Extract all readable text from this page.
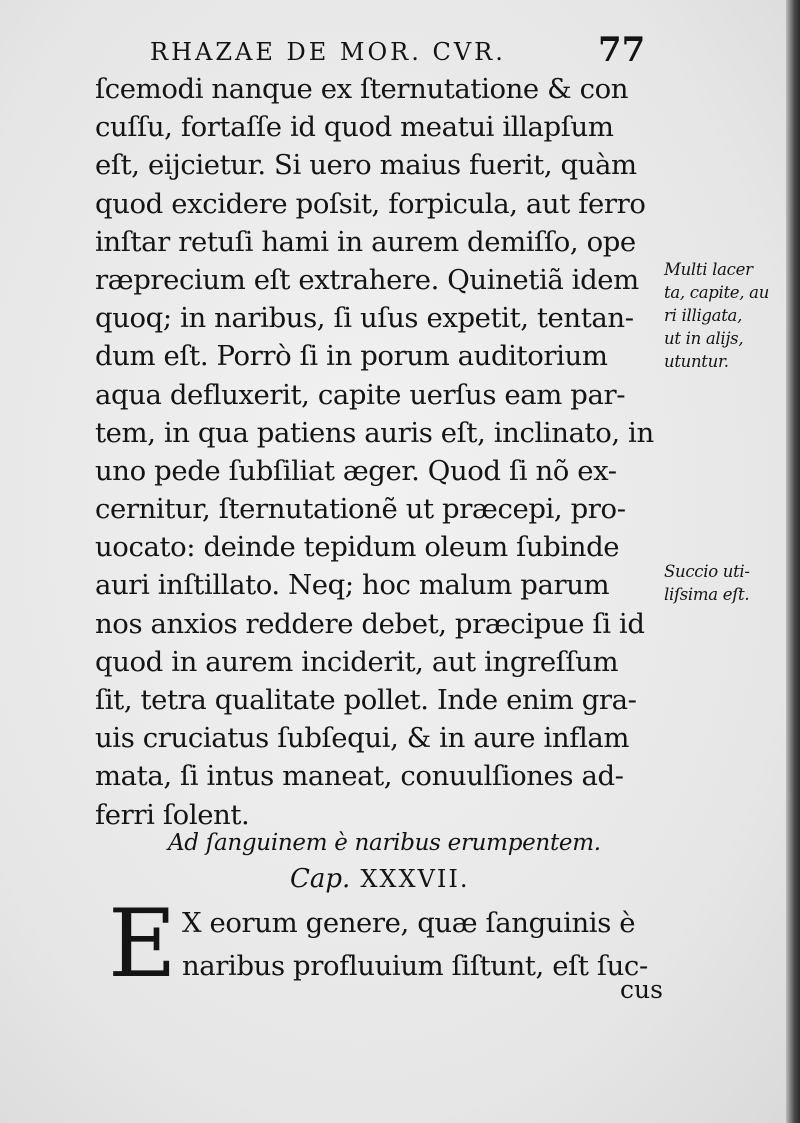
RHAZAE DE MOR. CVR.	77
ſcemodi nanque ex ſternutatione & con
cuſſu, fortaſſe id quod meatui illapſum
eſt, eijcietur. Si uero maius fuerit, quàm
quod excidere poſsit, forpicula, aut ferro
inſtar retuſi hami in aurem demiſſo, ope
ræprecium eſt extrahere. Quinetiã idem
quoq; in naribus, ſi uſus expetit, tentan-
dum eſt. Porrò ſi in porum auditorium
aqua defluxerit, capite uerſus eam par-
tem, in qua patiens auris eſt, inclinato, in
uno pede ſubſiliat æger. Quod ſi nõ ex-
cernitur, ſternutationẽ ut præcepi, pro-
uocato: deinde tepidum oleum ſubinde
auri inſtillato. Neq; hoc malum parum
nos anxios reddere debet, præcipue ſi id
quod in aurem inciderit, aut ingreſſum
ſit, tetra qualitate pollet. Inde enim gra-
uis cruciatus ſubſequi, & in aure inflam
mata, ſi intus maneat, conuulſiones ad-
ferri ſolent.
Multi lacer
ta, capite, au
ri illigata,
ut in alijs,
utuntur.
Succio uti-
liſsima eſt.
Ad ſanguinem è naribus erumpentem.
Cap. XXXVII.
E X eorum genere, quæ ſanguinis è
naribus profluuium ſiſtunt, eſt ſuc-
cus
